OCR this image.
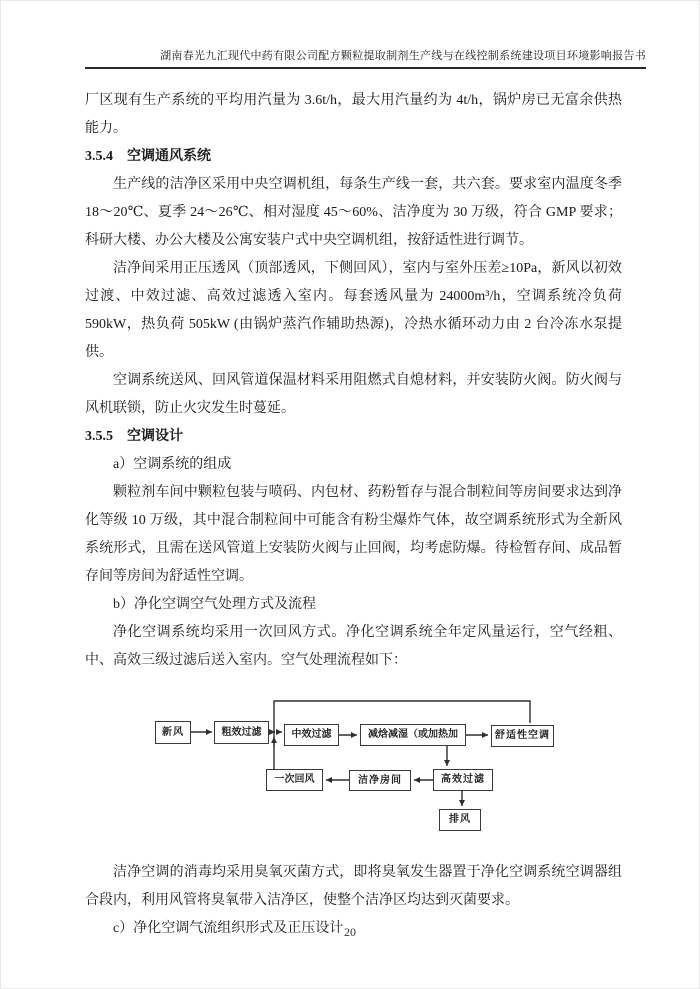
湖南春光九汇现代中药有限公司配方颗粒提取制剂生产线与在线控制系统建设项目环境影响报告书

厂区现有生产系统的平均用汽量为 3.6t/h，最大用汽量约为 4t/h，锅炉房已无富余供热能力。

3.5.4　空调通风系统

生产线的洁净区采用中央空调机组，每条生产线一套，共六套。要求室内温度冬季18～20℃、夏季 24～26℃、相对湿度 45～60%、洁净度为 30 万级，符合 GMP 要求；科研大楼、办公大楼及公寓安装户式中央空调机组，按舒适性进行调节。

洁净间采用正压透风（顶部透风，下侧回风），室内与室外压差≥10Pa，新风以初效过渡、中效过滤、高效过滤透入室内。每套透风量为 24000m³/h，空调系统冷负荷 590kW，热负荷 505kW (由锅炉蒸汽作辅助热源)，冷热水循环动力由 2 台冷冻水泵提供。

空调系统送风、回风管道保温材料采用阻燃式自熄材料，并安装防火阀。防火阀与风机联锁，防止火灾发生时蔓延。

3.5.5　空调设计

a）空调系统的组成

颗粒剂车间中颗粒包装与喷码、内包材、药粉暂存与混合制粒间等房间要求达到净化等级 10 万级，其中混合制粒间中可能含有粉尘爆炸气体，故空调系统形式为全新风系统形式，且需在送风管道上安装防火阀与止回阀，均考虑防爆。待检暂存间、成品暂存间等房间为舒适性空调。

b）净化空调空气处理方式及流程

净化空调系统均采用一次回风方式。净化空调系统全年定风量运行，空气经粗、中、高效三级过滤后送入室内。空气处理流程如下：

新风	粗效过滤	中效过滤	减焓减湿（或加热加	舒适性空调
一次回风	洁净房间	高效过滤
排风

洁净空调的消毒均采用臭氧灭菌方式，即将臭氧发生器置于净化空调系统空调器组合段内，利用风管将臭氧带入洁净区，使整个洁净区均达到灭菌要求。

c）净化空调气流组织形式及正压设计 20
